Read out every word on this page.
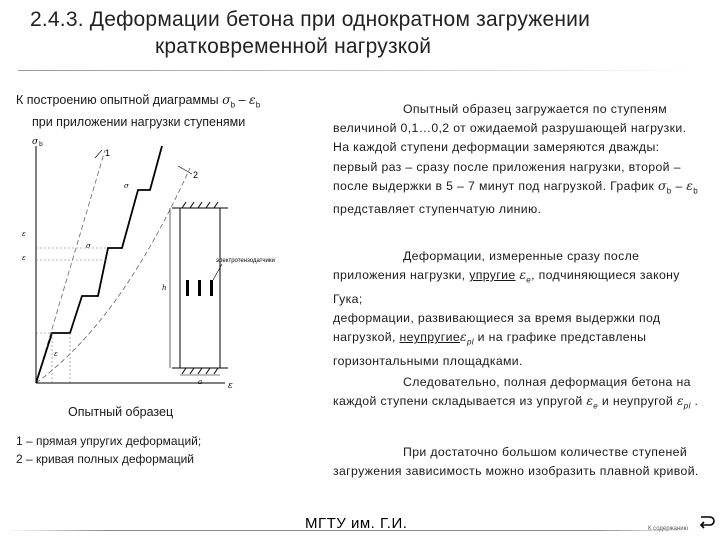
2.4.3. Деформации бетона при однократном загружении
кратковременной нагрузкой
К построению опытной диаграммы $\sigma_b - \varepsilon_b$
при приложении нагрузки ступенями
σ b
ε
1
2
σ
σ
ε
ε
ε
электротензодатчики
a
h
Опытный образец
1 – прямая упругих деформаций;
2 – кривая полных деформаций
Опытный образец загружается по ступеням величиной 0,1…0,2 от ожидаемой разрушающей нагрузки. На каждой ступени деформации замеряются дважды: первый раз – сразу после приложения нагрузки, второй – после выдержки в 5 – 7 минут под нагрузкой. График $\sigma_b - \varepsilon_b$ представляет ступенчатую линию.
Деформации, измеренные сразу после приложения нагрузки, упругие $\varepsilon_e$, подчиняющиеся закону Гука;
деформации, развивающиеся за время выдержки под нагрузкой, неупругиеε$_{pl}$ и на графике представлены горизонтальными площадками.
Следовательно, полная деформация бетона на каждой ступени складывается из упругой $\varepsilon_e$ и неупругой $\varepsilon_{pl}$ .
При достаточно большом количестве ступеней загружения зависимость можно изобразить плавной кривой.
МГТУ им. Г.И.	К содержанию
